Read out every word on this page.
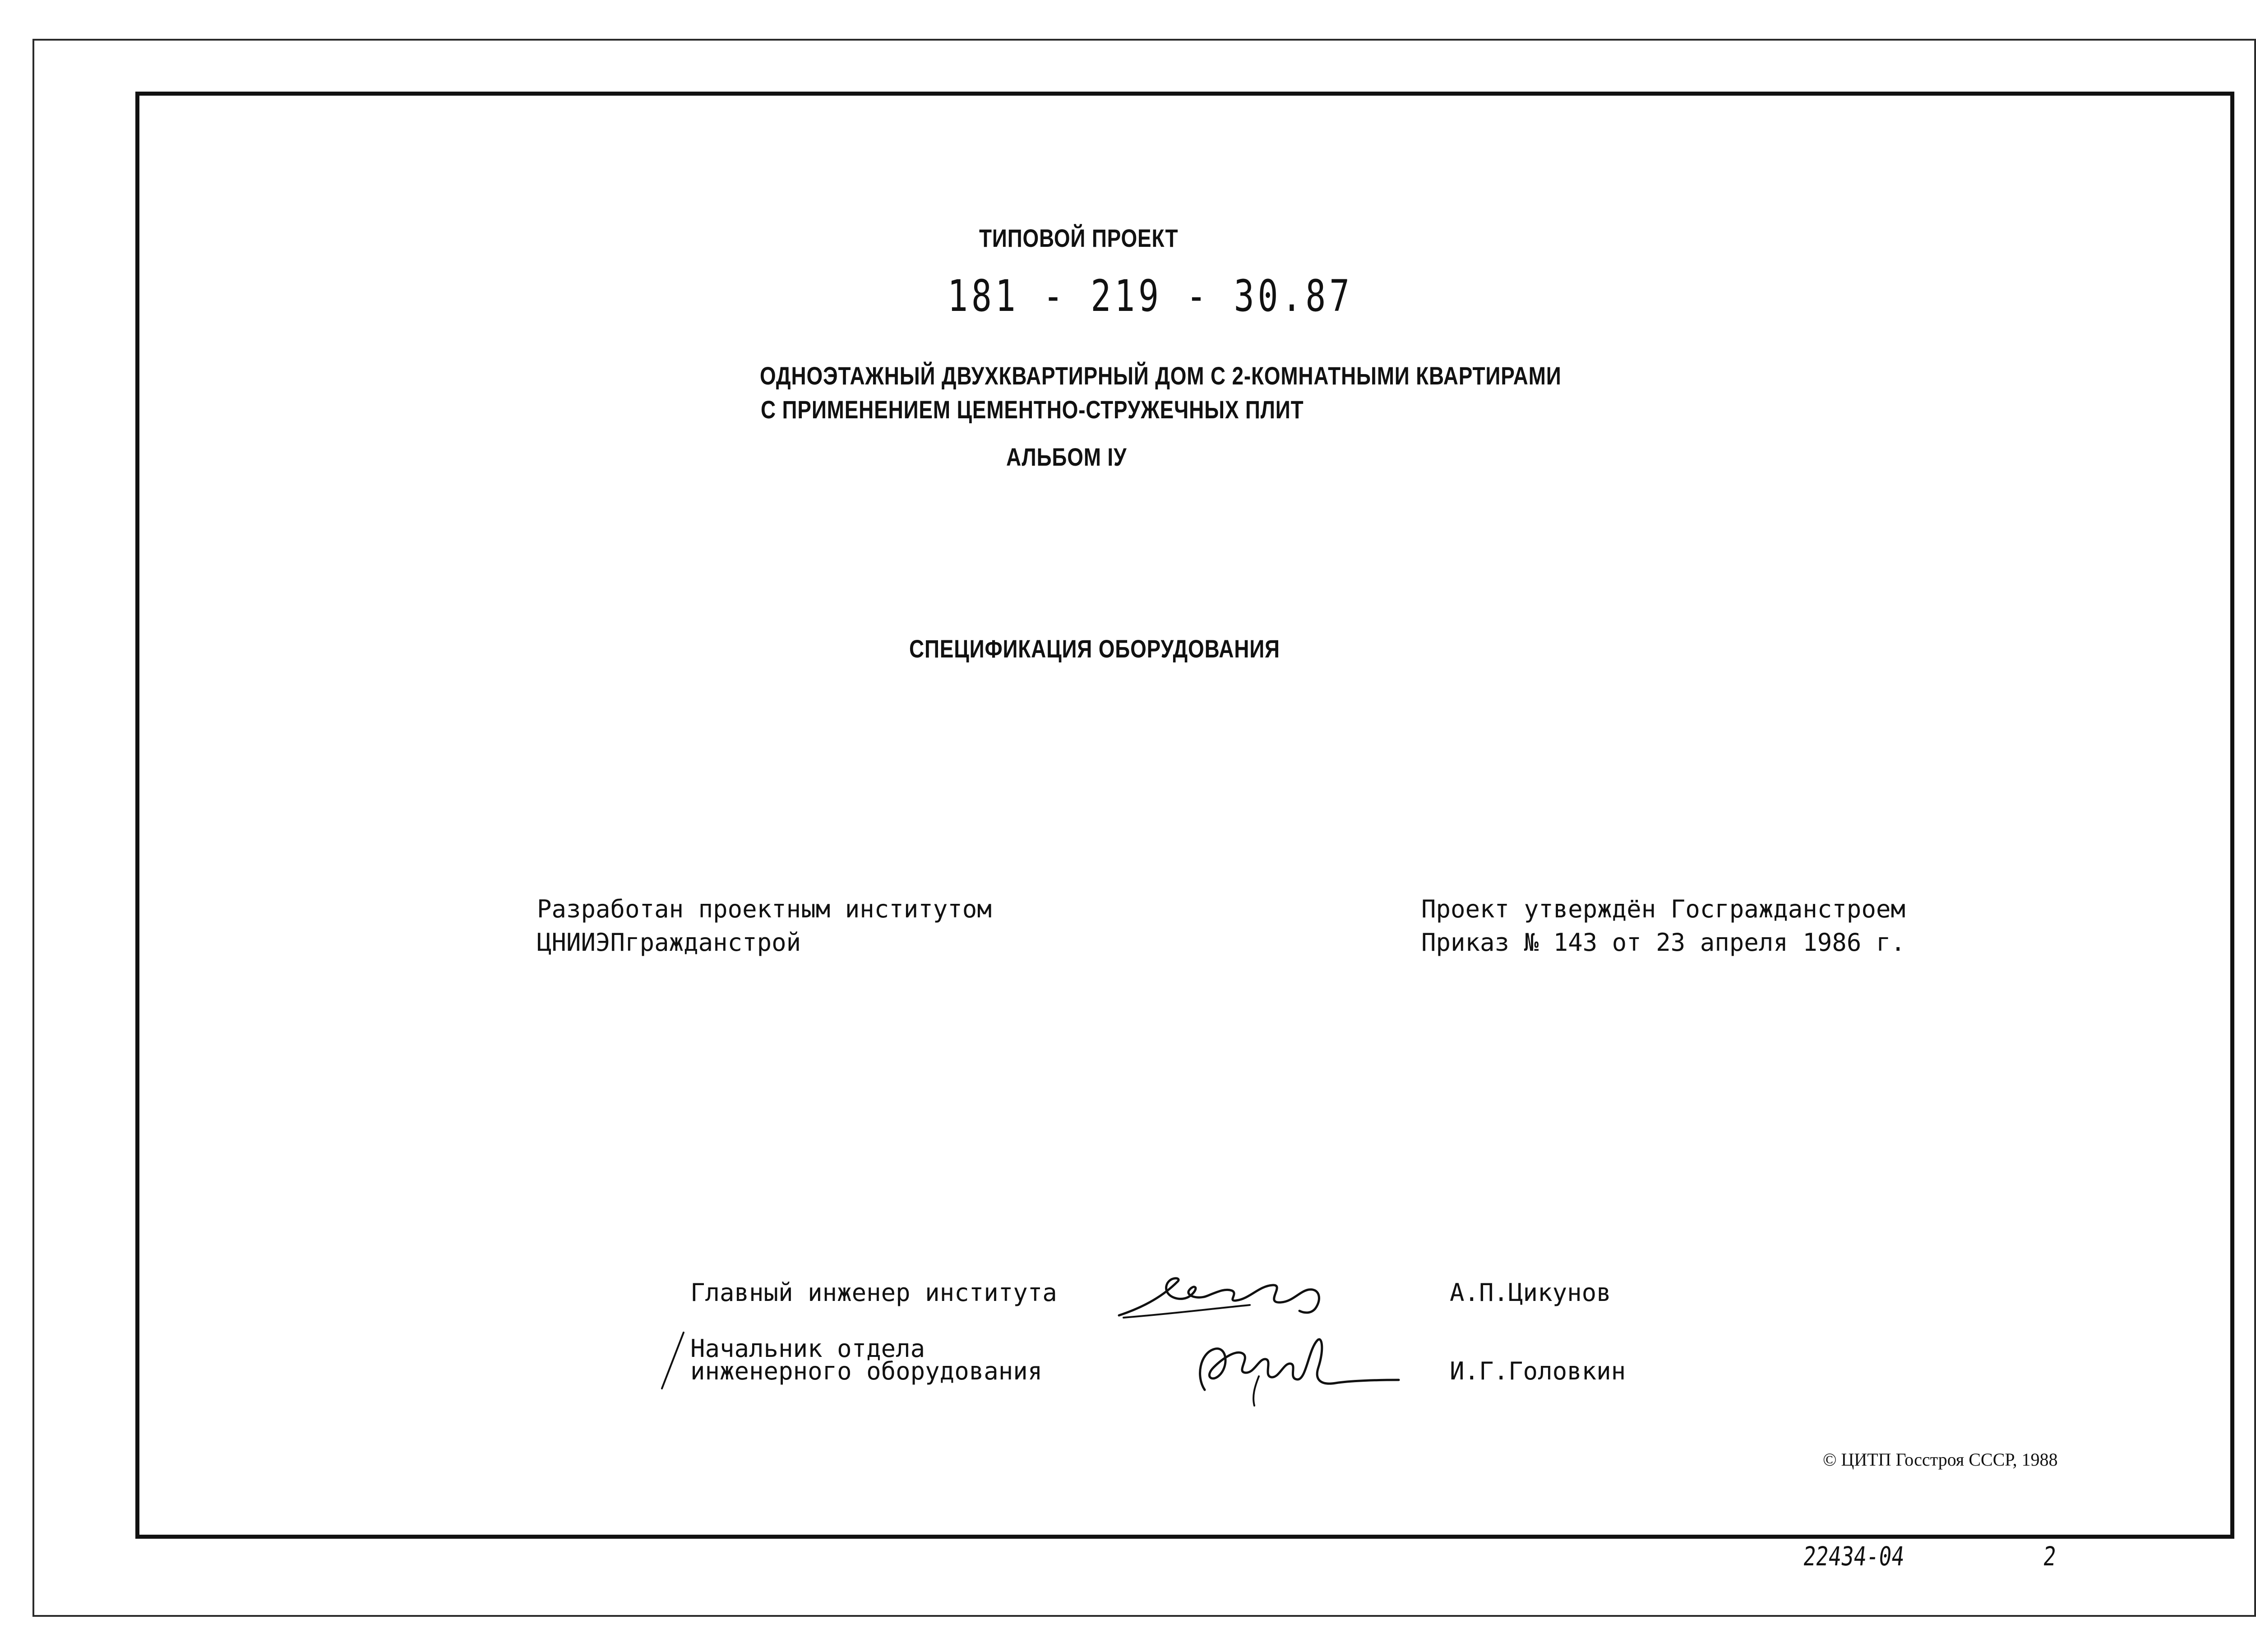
ТИПОВОЙ ПРОЕКТ
181 - 219 - 30.87
ОДНОЭТАЖНЫЙ ДВУХКВАРТИРНЫЙ ДОМ С 2-КОМНАТНЫМИ КВАРТИРАМИ
С ПРИМЕНЕНИЕМ ЦЕМЕНТНО-СТРУЖЕЧНЫХ ПЛИТ
АЛЬБОМ IУ
СПЕЦИФИКАЦИЯ ОБОРУДОВАНИЯ
Разработан проектным институтом
ЦНИИЭПгражданстрой
Проект утверждён Госгражданстроем
Приказ № 143 от 23 апреля 1986 г.
Главный инженер института	А.П.Цикунов
Начальник отдела
инженерного оборудования	И.Г.Головкин
© ЦИТП Госстроя СССР, 1988
22434-04	2
